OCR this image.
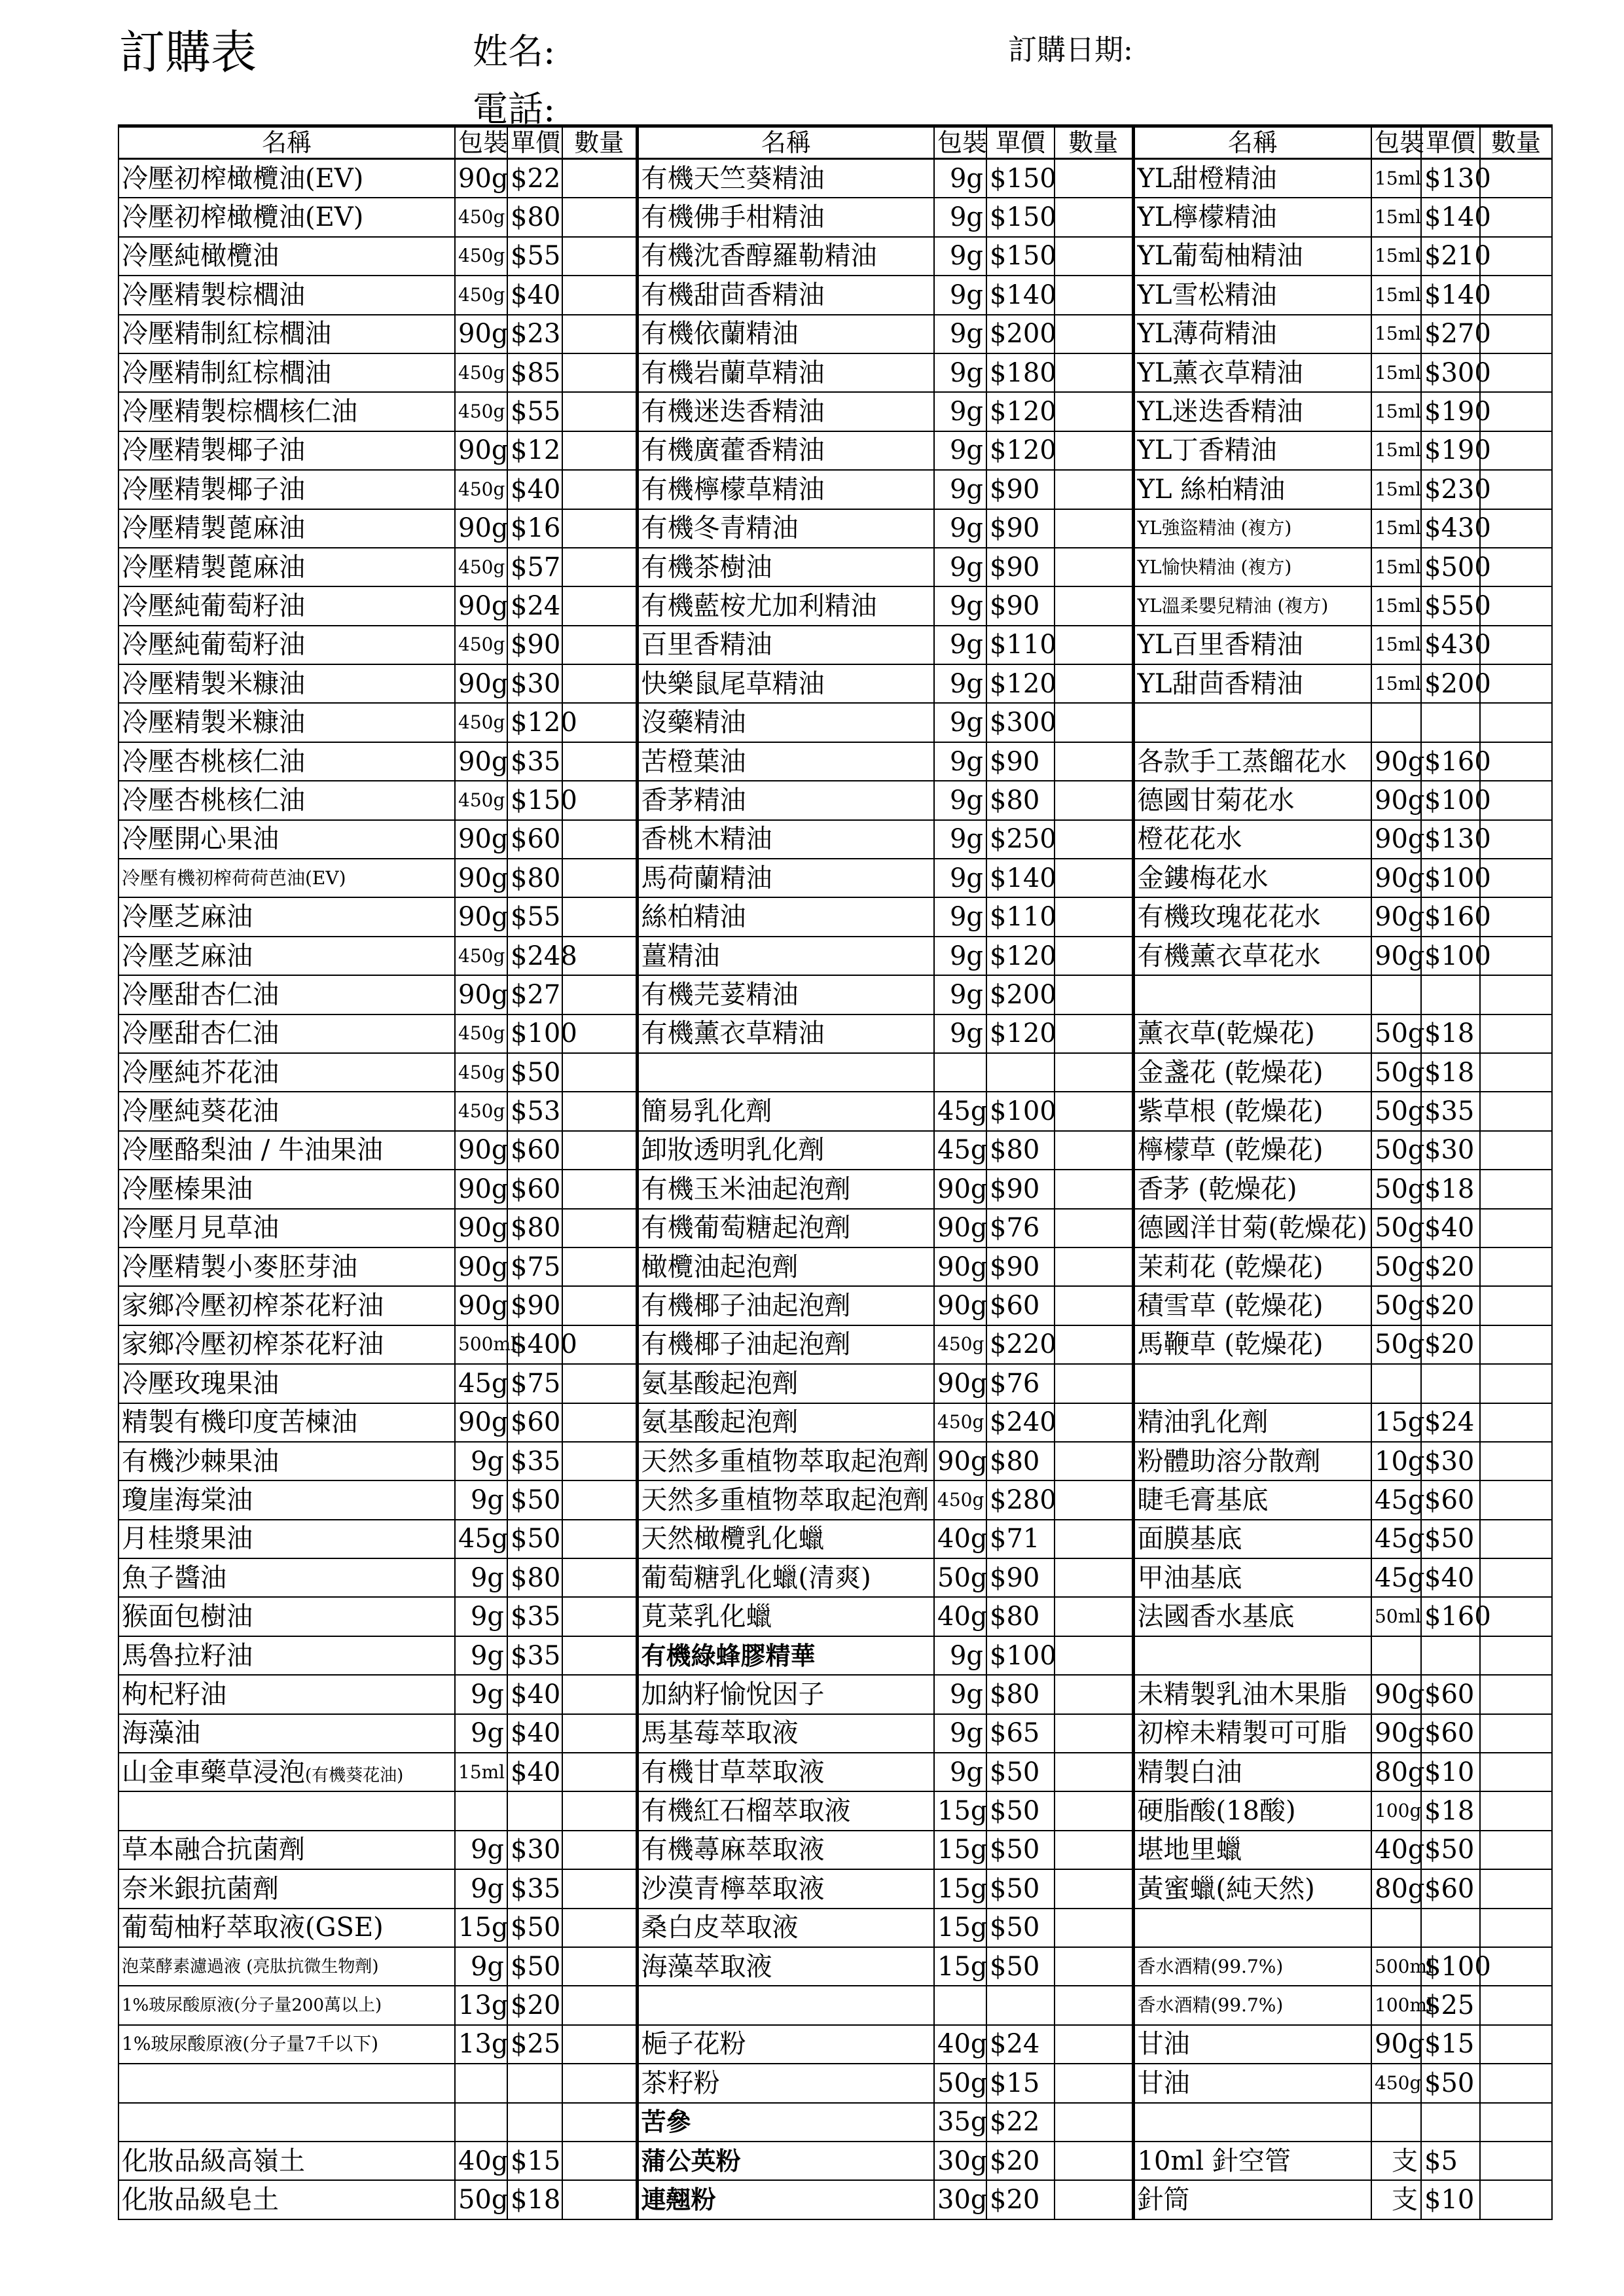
訂購表	姓名:
電話:
訂購日期:
名稱	包裝	單價	數量	名稱	包裝	單價	數量	名稱	包裝	單價	數量
冷壓初榨橄欖油(EV)	90g	$22		有機天竺葵精油	9g	$150		YL甜橙精油	15ml	$130	
冷壓初榨橄欖油(EV)	450g	$80		有機佛手柑精油	9g	$150		YL檸檬精油	15ml	$140	
冷壓純橄欖油	450g	$55		有機沈香醇羅勒精油	9g	$150		YL葡萄柚精油	15ml	$210	
冷壓精製棕櫚油	450g	$40		有機甜茴香精油	9g	$140		YL雪松精油	15ml	$140	
冷壓精制紅棕櫚油	90g	$23		有機依蘭精油	9g	$200		YL薄荷精油	15ml	$270	
冷壓精制紅棕櫚油	450g	$85		有機岩蘭草精油	9g	$180		YL薰衣草精油	15ml	$300	
冷壓精製棕櫚核仁油	450g	$55		有機迷迭香精油	9g	$120		YL迷迭香精油	15ml	$190	
冷壓精製椰子油	90g	$12		有機廣藿香精油	9g	$120		YL丁香精油	15ml	$190	
冷壓精製椰子油	450g	$40		有機檸檬草精油	9g	$90		YL 絲柏精油	15ml	$230	
冷壓精製蓖麻油	90g	$16		有機冬青精油	9g	$90		YL強盜精油 (複方)	15ml	$430	
冷壓精製蓖麻油	450g	$57		有機茶樹油	9g	$90		YL愉快精油 (複方)	15ml	$500	
冷壓純葡萄籽油	90g	$24		有機藍桉尤加利精油	9g	$90		YL溫柔嬰兒精油 (複方)	15ml	$550	
冷壓純葡萄籽油	450g	$90		百里香精油	9g	$110		YL百里香精油	15ml	$430	
冷壓精製米糠油	90g	$30		快樂鼠尾草精油	9g	$120		YL甜茴香精油	15ml	$200	
冷壓精製米糠油	450g	$120		沒藥精油	9g	$300					
冷壓杏桃核仁油	90g	$35		苦橙葉油	9g	$90		各款手工蒸餾花水	90g	$160	
冷壓杏桃核仁油	450g	$150		香茅精油	9g	$80		德國甘菊花水	90g	$100	
冷壓開心果油	90g	$60		香桃木精油	9g	$250		橙花花水	90g	$130	
冷壓有機初榨荷荷芭油(EV)	90g	$80		馬荷蘭精油	9g	$140		金鏤梅花水	90g	$100	
冷壓芝麻油	90g	$55		絲柏精油	9g	$110		有機玫瑰花花水	90g	$160	
冷壓芝麻油	450g	$248		薑精油	9g	$120		有機薰衣草花水	90g	$100	
冷壓甜杏仁油	90g	$27		有機芫荽精油	9g	$200					
冷壓甜杏仁油	450g	$100		有機薰衣草精油	9g	$120		薰衣草(乾燥花)	50g	$18	
冷壓純芥花油	450g	$50						金盞花 (乾燥花)	50g	$18	
冷壓純葵花油	450g	$53		簡易乳化劑	45g	$100		紫草根 (乾燥花)	50g	$35	
冷壓酪梨油 / 牛油果油	90g	$60		卸妝透明乳化劑	45g	$80		檸檬草 (乾燥花)	50g	$30	
冷壓榛果油	90g	$60		有機玉米油起泡劑	90g	$90		香茅 (乾燥花)	50g	$18	
冷壓月見草油	90g	$80		有機葡萄糖起泡劑	90g	$76		德國洋甘菊(乾燥花)	50g	$40	
冷壓精製小麥胚芽油	90g	$75		橄欖油起泡劑	90g	$90		茉莉花 (乾燥花)	50g	$20	
家鄉冷壓初榨茶花籽油	90g	$90		有機椰子油起泡劑	90g	$60		積雪草 (乾燥花)	50g	$20	
家鄉冷壓初榨茶花籽油	500ml	$400		有機椰子油起泡劑	450g	$220		馬鞭草 (乾燥花)	50g	$20	
冷壓玫瑰果油	45g	$75		氨基酸起泡劑	90g	$76					
精製有機印度苦楝油	90g	$60		氨基酸起泡劑	450g	$240		精油乳化劑	15g	$24	
有機沙棘果油	9g	$35		天然多重植物萃取起泡劑	90g	$80		粉體助溶分散劑	10g	$30	
瓊崖海棠油	9g	$50		天然多重植物萃取起泡劑	450g	$280		睫毛膏基底	45g	$60	
月桂漿果油	45g	$50		天然橄欖乳化蠟	40g	$71		面膜基底	45g	$50	
魚子醬油	9g	$80		葡萄糖乳化蠟(清爽)	50g	$90		甲油基底	45g	$40	
猴面包樹油	9g	$35		莧菜乳化蠟	40g	$80		法國香水基底	50ml	$160	
馬魯拉籽油	9g	$35		有機綠蜂膠精華	9g	$100					
枸杞籽油	9g	$40		加納籽愉悅因子	9g	$80		未精製乳油木果脂	90g	$60	
海藻油	9g	$40		馬基莓萃取液	9g	$65		初榨未精製可可脂	90g	$60	
山金車藥草浸泡(有機葵花油)	15ml	$40		有機甘草萃取液	9g	$50		精製白油	80g	$10	
				有機紅石榴萃取液	15g	$50		硬脂酸(18酸)	100g	$18	
草本融合抗菌劑	9g	$30		有機蕁麻萃取液	15g	$50		堪地里蠟	40g	$50	
奈米銀抗菌劑	9g	$35		沙漠青檸萃取液	15g	$50		黃蜜蠟(純天然)	80g	$60	
葡萄柚籽萃取液(GSE)	15g	$50		桑白皮萃取液	15g	$50					
泡菜酵素濾過液 (亮肽抗微生物劑)	9g	$50		海藻萃取液	15g	$50		香水酒精(99.7%)	500ml	$100	
1%玻尿酸原液(分子量200萬以上)	13g	$20						香水酒精(99.7%)	100ml	$25	
1%玻尿酸原液(分子量7千以下)	13g	$25		梔子花粉	40g	$24		甘油	90g	$15	
				茶籽粉	50g	$15		甘油	450g	$50	
				苦參	35g	$22					
化妝品級高嶺土	40g	$15		蒲公英粉	30g	$20		10ml 針空管	支	$5	
化妝品級皂土	50g	$18		連翹粉	30g	$20		針筒	支	$10	
